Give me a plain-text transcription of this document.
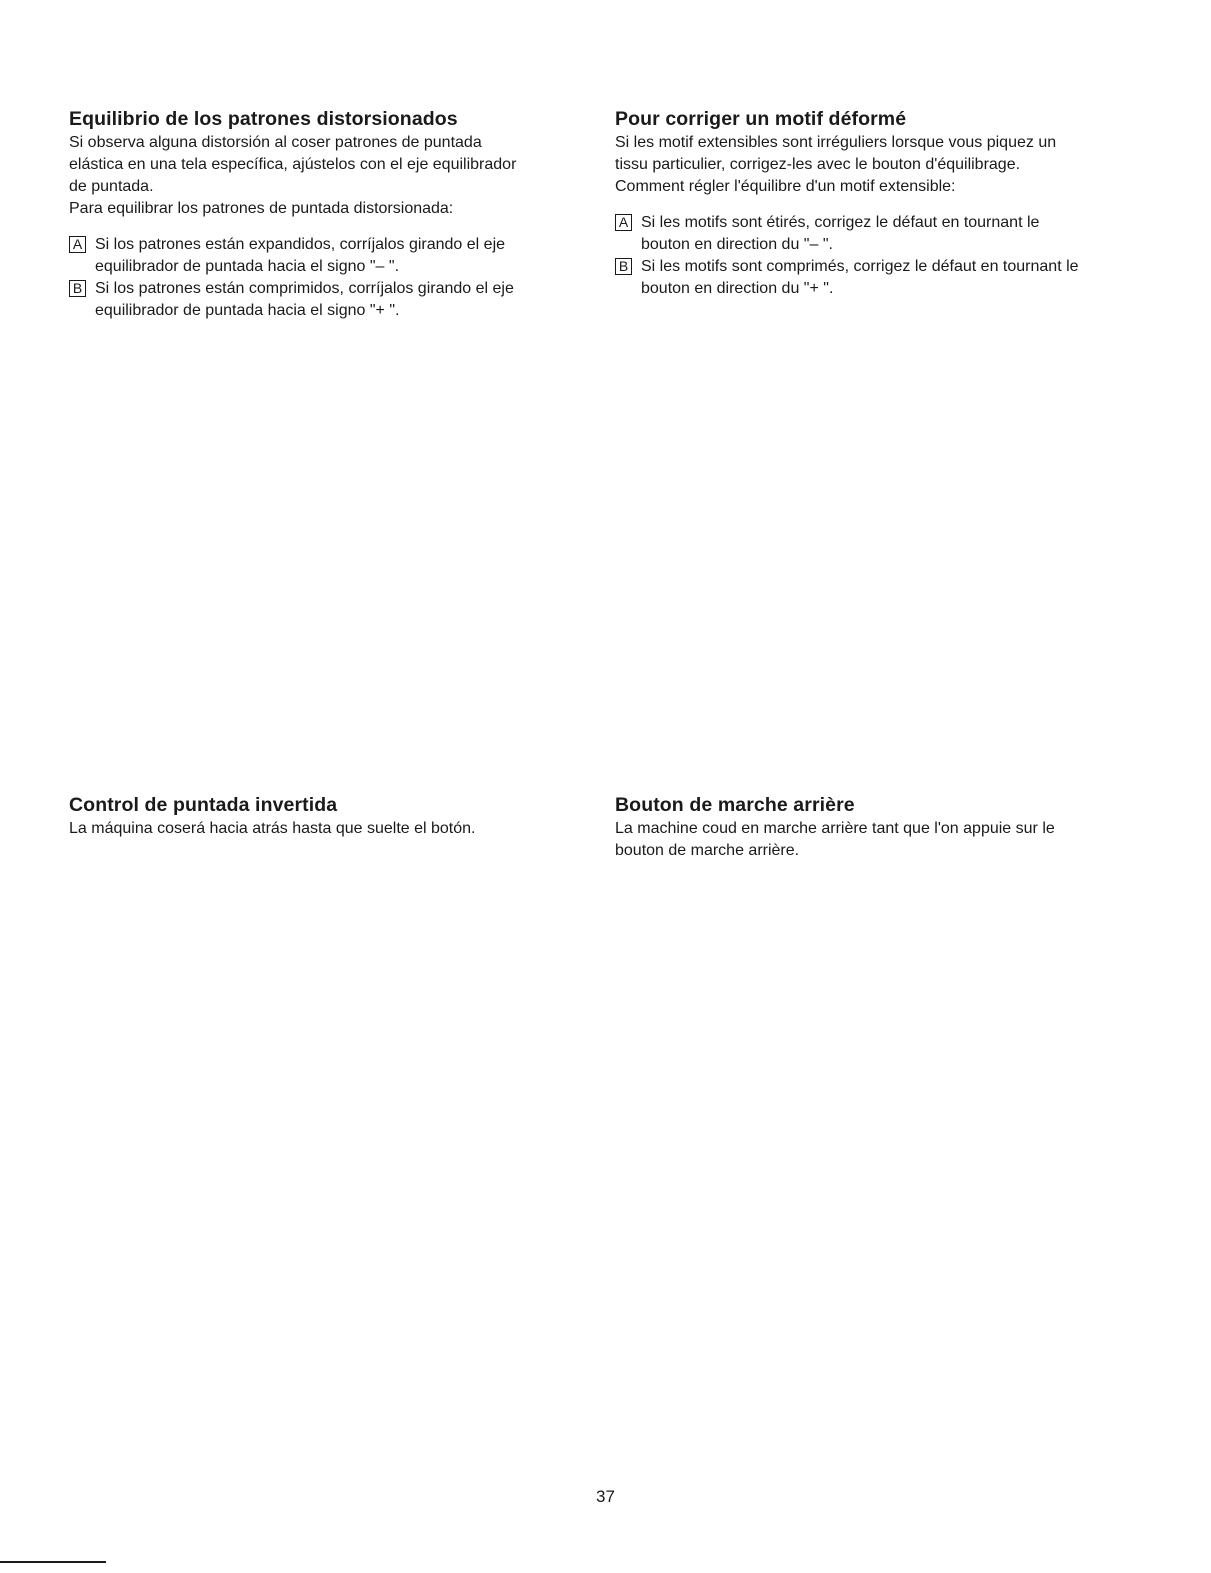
Equilibrio de los patrones distorsionados
Si observa alguna distorsión al coser patrones de puntada
elástica en una tela específica, ajústelos con el eje equilibrador
de puntada.
Para equilibrar los patrones de puntada distorsionada:
A Si los patrones están expandidos, corríjalos girando el eje
equilibrador de puntada hacia el signo "– ".
B Si los patrones están comprimidos, corríjalos girando el eje
equilibrador de puntada hacia el signo "+ ".
Pour corriger un motif déformé
Si les motif extensibles sont irréguliers lorsque vous piquez un
tissu particulier, corrigez-les avec le bouton d'équilibrage.
Comment régler l'équilibre d'un motif extensible:
A Si les motifs sont étirés, corrigez le défaut en tournant le
bouton en direction du "– ".
B Si les motifs sont comprimés, corrigez le défaut en tournant le
bouton en direction du "+ ".
Control de puntada invertida
La máquina coserá hacia atrás hasta que suelte el botón.
Bouton de marche arrière
La machine coud en marche arrière tant que l'on appuie sur le
bouton de marche arrière.
37
